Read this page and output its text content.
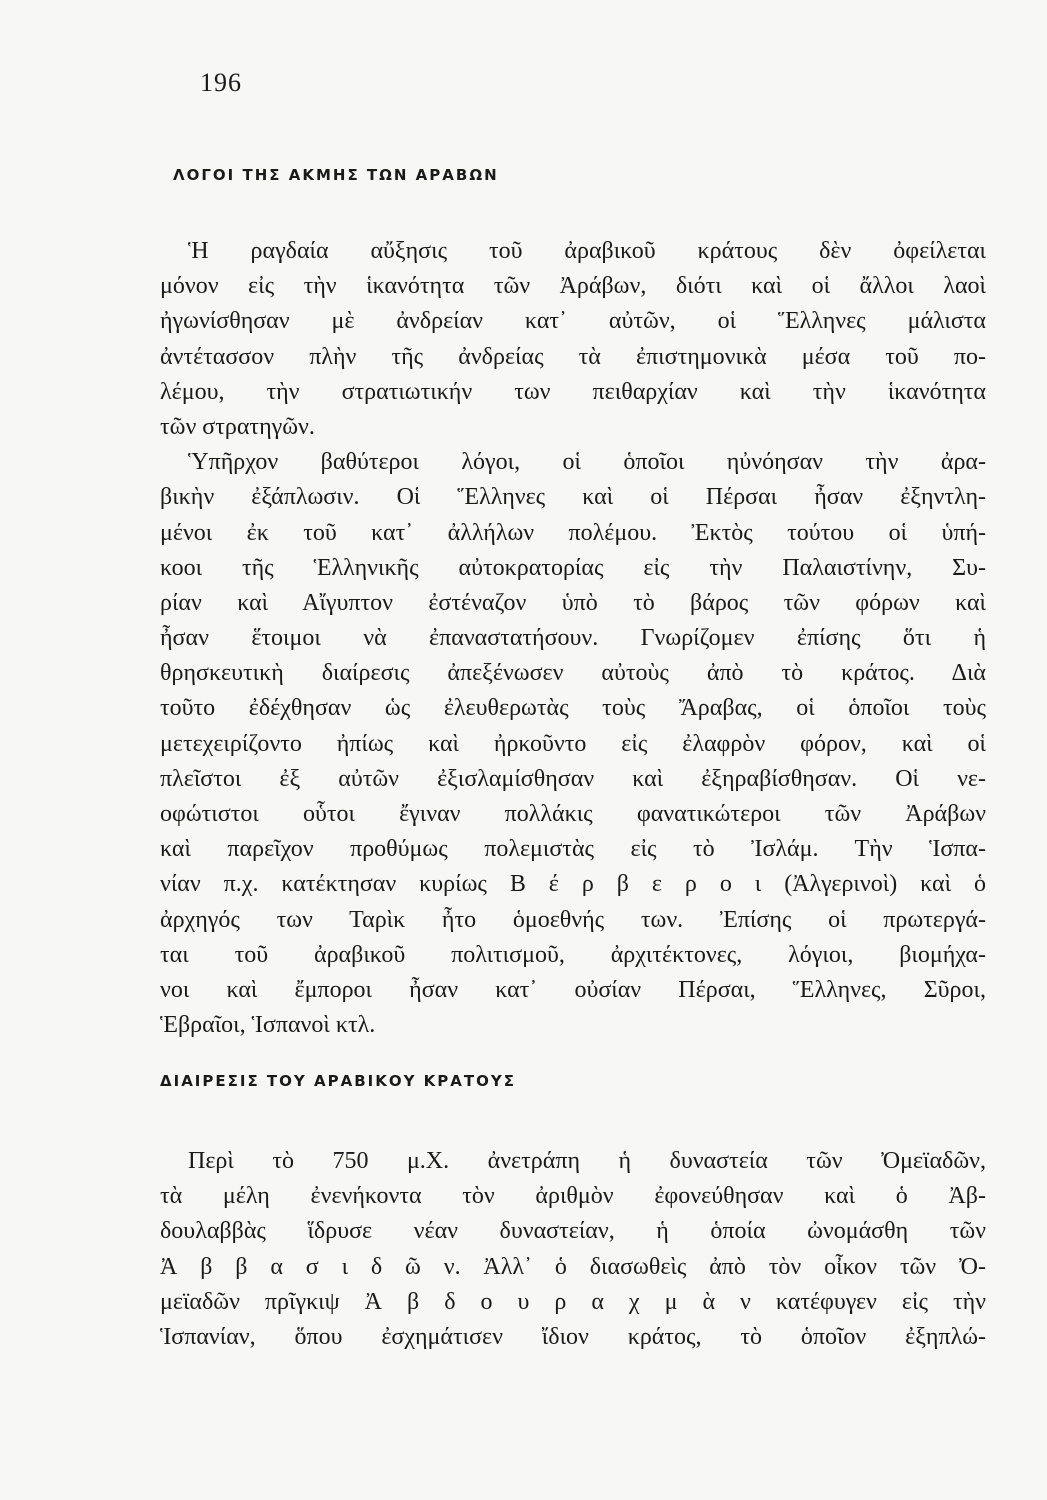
196
ΛΟΓΟΙ ΤΗΣ ΑΚΜΗΣ ΤΩΝ ΑΡΑΒΩΝ
Ἡ ραγδαία αὔξησις τοῦ ἀραβικοῦ κράτους δὲν ὀφείλεται
μόνον εἰς τὴν ἱκανότητα τῶν Ἀράβων, διότι καὶ οἱ ἄλλοι λαοὶ
ἠγωνίσθησαν μὲ ἀνδρείαν κατ᾽ αὐτῶν, οἱ Ἕλληνες μάλιστα
ἀντέτασσον πλὴν τῆς ἀνδρείας τὰ ἐπιστημονικὰ μέσα τοῦ πο-
λέμου, τὴν στρατιωτικήν των πειθαρχίαν καὶ τὴν ἱκανότητα
τῶν στρατηγῶν.
Ὑπῆρχον βαθύτεροι λόγοι, οἱ ὁποῖοι ηὐνόησαν τὴν ἀρα-
βικὴν ἐξάπλωσιν. Οἱ Ἕλληνες καὶ οἱ Πέρσαι ἦσαν ἐξηντλη-
μένοι ἐκ τοῦ κατ᾽ ἀλλήλων πολέμου. Ἐκτὸς τούτου οἱ ὑπή-
κοοι τῆς Ἑλληνικῆς αὐτοκρατορίας εἰς τὴν Παλαιστίνην, Συ-
ρίαν καὶ Αἴγυπτον ἐστέναζον ὑπὸ τὸ βάρος τῶν φόρων καὶ
ἦσαν ἕτοιμοι νὰ ἐπαναστατήσουν. Γνωρίζομεν ἐπίσης ὅτι ἡ
θρησκευτικὴ διαίρεσις ἀπεξένωσεν αὐτοὺς ἀπὸ τὸ κράτος. Διὰ
τοῦτο ἐδέχθησαν ὡς ἐλευθερωτὰς τοὺς Ἄραβας, οἱ ὁποῖοι τοὺς
μετεχειρίζοντο ἠπίως καὶ ἠρκοῦντο εἰς ἐλαφρὸν φόρον, καὶ οἱ
πλεῖστοι ἐξ αὐτῶν ἐξισλαμίσθησαν καὶ ἐξηραβίσθησαν. Οἱ νε-
οφώτιστοι οὗτοι ἔγιναν πολλάκις φανατικώτεροι τῶν Ἀράβων
καὶ παρεῖχον προθύμως πολεμιστὰς εἰς τὸ Ἰσλάμ. Τὴν Ἱσπα-
νίαν π.χ. κατέκτησαν κυρίως Β έ ρ β ε ρ ο ι (Ἀλγερινοὶ) καὶ ὁ
ἀρχηγός των Ταρὶκ ἦτο ὁμοεθνής των. Ἐπίσης οἱ πρωτεργά-
ται τοῦ ἀραβικοῦ πολιτισμοῦ, ἀρχιτέκτονες, λόγιοι, βιομήχα-
νοι καὶ ἔμποροι ἦσαν κατ᾽ οὐσίαν Πέρσαι, Ἕλληνες, Σῦροι,
Ἑβραῖοι, Ἱσπανοὶ κτλ.
ΔΙΑΙΡΕΣΙΣ ΤΟΥ ΑΡΑΒΙΚΟΥ ΚΡΑΤΟΥΣ
Περὶ τὸ 750 μ.Χ. ἀνετράπη ἡ δυναστεία τῶν Ὀμεϊαδῶν,
τὰ μέλη ἐνενήκοντα τὸν ἀριθμὸν ἐφονεύθησαν καὶ ὁ Ἀβ-
δουλαββὰς ἵδρυσε νέαν δυναστείαν, ἡ ὁποία ὠνομάσθη τῶν
Ἀ β β α σ ι δ ῶ ν. Ἀλλ᾽ ὁ διασωθεὶς ἀπὸ τὸν οἶκον τῶν Ὀ-
μεϊαδῶν πρῖγκιψ Ἀ β δ ο υ ρ α χ μ ὰ ν κατέφυγεν εἰς τὴν
Ἱσπανίαν, ὅπου ἐσχημάτισεν ἴδιον κράτος, τὸ ὁποῖον ἐξηπλώ-
